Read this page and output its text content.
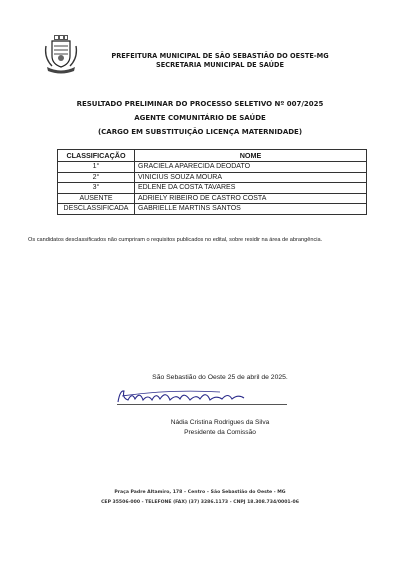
PREFEITURA MUNICIPAL DE SÃO SEBASTIÃO DO OESTE-MG
SECRETARIA MUNICIPAL DE SAÚDE
RESULTADO PRELIMINAR DO PROCESSO SELETIVO Nº 007/2025
AGENTE COMUNITÁRIO DE SAÚDE
(CARGO EM SUBSTITUIÇÃO LICENÇA MATERNIDADE)
CLASSIFICAÇÃO	NOME
1°	GRACIELA APARECIDA DEODATO
2°	VINICIUS SOUZA MOURA
3°	EDLENE DA COSTA TAVARES
AUSENTE	ADRIELY RIBEIRO DE CASTRO COSTA
DESCLASSIFICADA	GABRIELLE MARTINS SANTOS
Os candidatos desclassificados não cumpriram o requisitos publicados no edital, sobre residir na área de abrangência.
São Sebastião do Oeste 25 de abril de 2025.
Nádia Cristina Rodrigues da Silva
Presidente da Comissão
Praça Padre Altamiro, 178 – Centro – São Sebastião do Oeste - MG
CEP 35506-000 - TELEFONE (FAX) (37) 3286.1173 - CNPJ 18.308.734/0001-06
